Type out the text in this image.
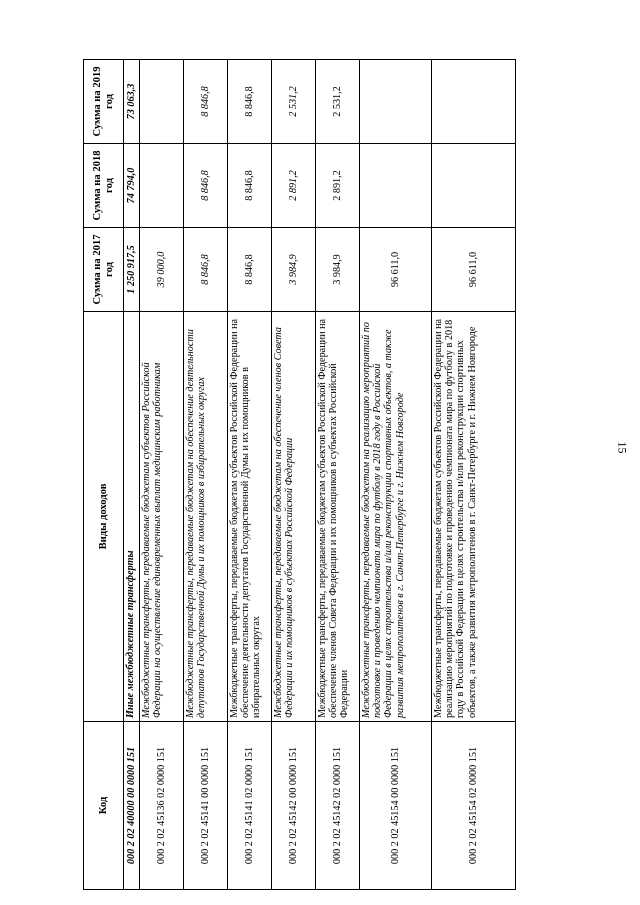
15
Код	Виды доходов	Сумма на 2017 год	Сумма на 2018 год	Сумма на 2019 год
000 2 02 40000 00 0000 151	Иные межбюджетные трансферты	1 250 917,5	74 794,0	73 063,3
000 2 02 45136 02 0000 151	Межбюджетные трансферты, передаваемые бюджетам субъектов Российской Федерации на осуществление единовременных выплат медицинским работникам	39 000,0		
000 2 02 45141 00 0000 151	Межбюджетные трансферты, передаваемые бюджетам на обеспечение деятельности депутатов Государственной Думы и их помощников в избирательных округах	8 846,8	8 846,8	8 846,8
000 2 02 45141 02 0000 151	Межбюджетные трансферты, передаваемые бюджетам субъектов Российской Федерации на обеспечение деятельности депутатов Государственной Думы и их помощников в избирательных округах	8 846,8	8 846,8	8 846,8
000 2 02 45142 00 0000 151	Межбюджетные трансферты, передаваемые бюджетам на обеспечение членов Совета Федерации и их помощников в субъектах Российской Федерации	3 984,9	2 891,2	2 531,2
000 2 02 45142 02 0000 151	Межбюджетные трансферты, передаваемые бюджетам субъектов Российской Федерации на обеспечение членов Совета Федерации и их помощников в субъектах Российской Федерации	3 984,9	2 891,2	2 531,2
000 2 02 45154 00 0000 151	Межбюджетные трансферты, передаваемые бюджетам на реализацию мероприятий по подготовке и проведению чемпионата мира по футболу в 2018 году в Российской Федерации в целях строительства и/или реконструкции спортивных объектов, а также развития метрополитенов в г. Санкт-Петербурге и г. Нижнем Новгороде	96 611,0		
000 2 02 45154 02 0000 151	Межбюджетные трансферты, передаваемые бюджетам субъектов Российской Федерации на реализацию мероприятий по подготовке и проведению чемпионата мира по футболу в 2018 году в Российской Федерации в целях строительства и/или реконструкции спортивных объектов, а также развития метрополитенов в г. Санкт-Петербурге и г. Нижнем Новгороде	96 611,0		
